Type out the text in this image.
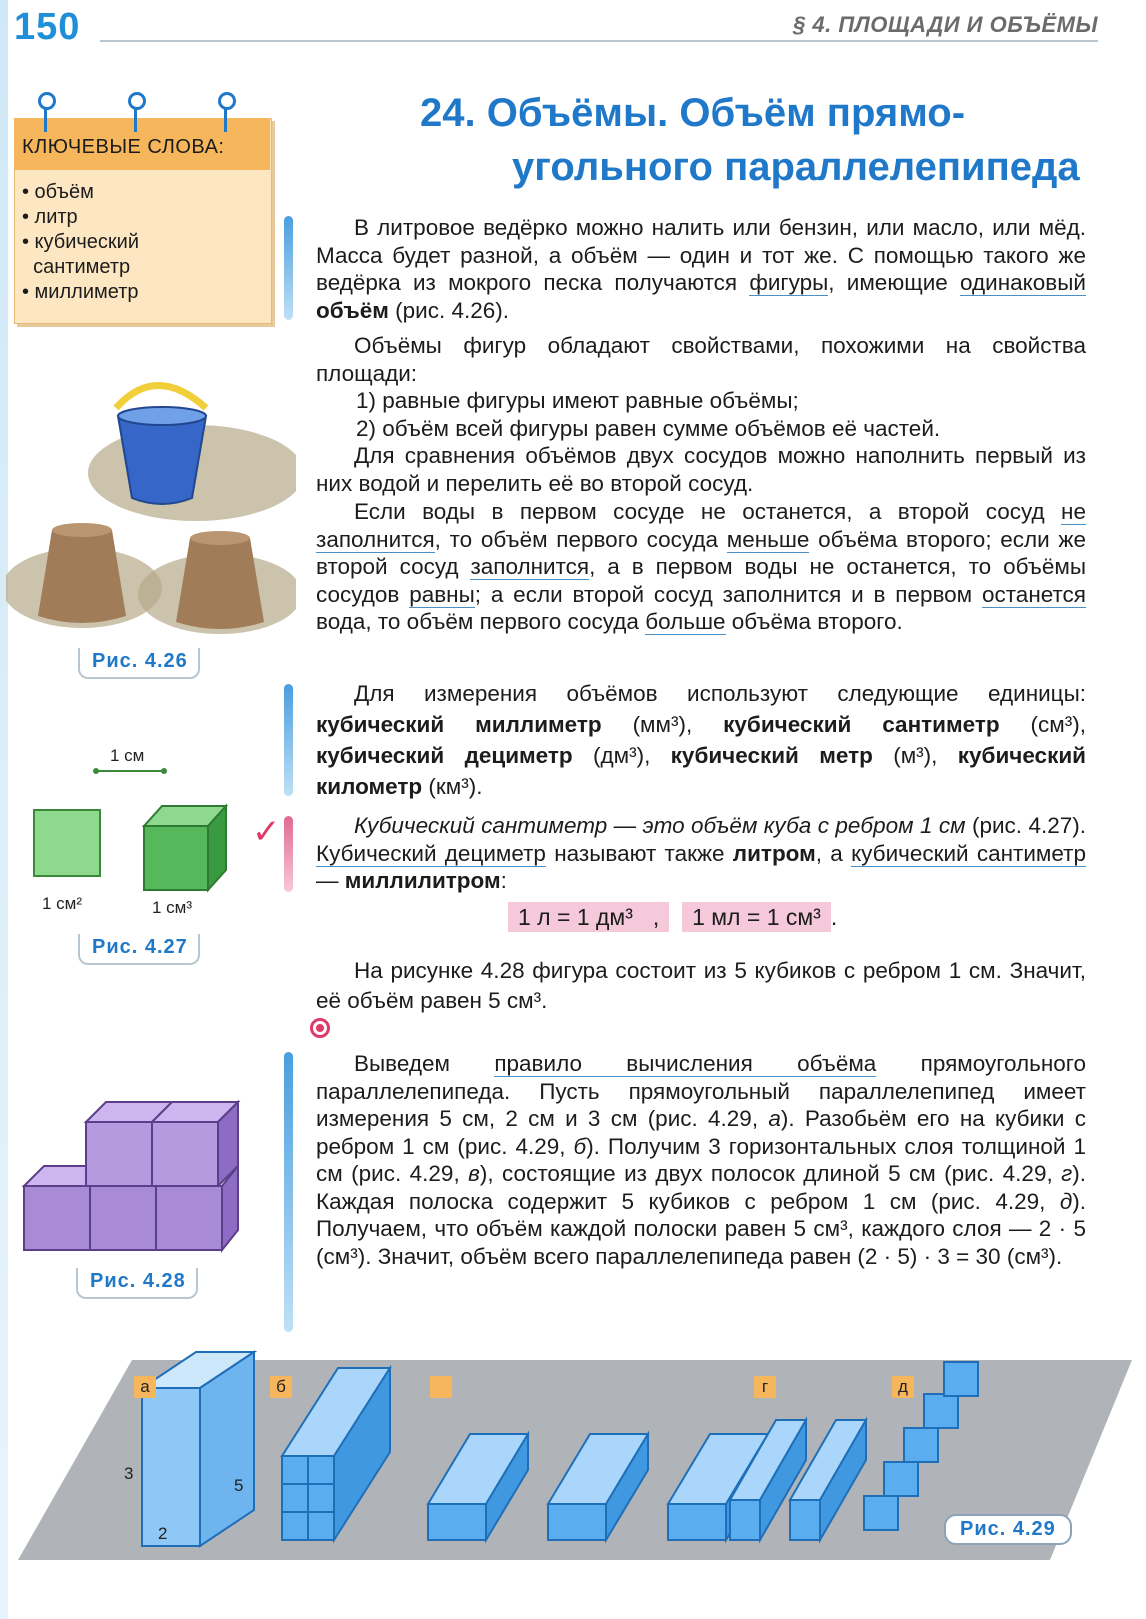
150	§ 4. ПЛОЩАДИ И ОБЪЁМЫ
24. Объёмы. Объём прямо-
угольного параллелепипеда
КЛЮЧЕВЫЕ СЛОВА:
• объём
• литр
• кубический
сантиметр
• миллиметр
✓
В литровое ведёрко можно налить или бензин, или масло, или мёд. Масса будет разной, а объём — один и тот же. С помощью такого же ведёрка из мокрого песка получаются фигуры, имеющие одинаковый объём (рис. 4.26).
Объёмы фигур обладают свойствами, похожими на свойства площади:
1) равные фигуры имеют равные объёмы;
2) объём всей фигуры равен сумме объёмов её частей.
Для сравнения объёмов двух сосудов можно наполнить первый из них водой и перелить её во второй сосуд.
Если воды в первом сосуде не останется, а второй сосуд не заполнится, то объём первого сосуда меньше объёма второго; если же второй сосуд заполнится, а в первом воды не останется, то объёмы сосудов равны; а если второй сосуд заполнится и в первом останется вода, то объём первого сосуда больше объёма второго.
Для измерения объёмов используют следующие единицы: кубический миллиметр (мм³), кубический сантиметр (см³), кубический дециметр (дм³), кубический метр (м³), кубический километр (км³).
Кубический сантиметр — это объём куба с ребром 1 см (рис. 4.27). Кубический дециметр называют также литром, а кубический сантиметр — миллилитром:
1 л = 1 дм³ , 1 мл = 1 см³ .
На рисунке 4.28 фигура состоит из 5 кубиков с ребром 1 см. Значит, её объём равен 5 см³.
Выведем правило вычисления объёма прямоугольного параллелепипеда. Пусть прямоугольный параллелепипед имеет измерения 5 см, 2 см и 3 см (рис. 4.29, а). Разобьём его на кубики с ребром 1 см (рис. 4.29, б). Получим 3 горизонтальных слоя толщиной 1 см (рис. 4.29, в), состоящие из двух полосок длиной 5 см (рис. 4.29, г). Каждая полоска содержит 5 кубиков с ребром 1 см (рис. 4.29, д). Получаем, что объём каждой полоски равен 5 см³, каждого слоя — 2 · 5 (см³). Значит, объём всего параллелепипеда равен (2 · 5) · 3 = 30 (см³).
Рис. 4.26
1 см
1 см²	1 см³
Рис. 4.27
Рис. 4.28
а	б	г	д
3
5
2	Рис. 4.29
